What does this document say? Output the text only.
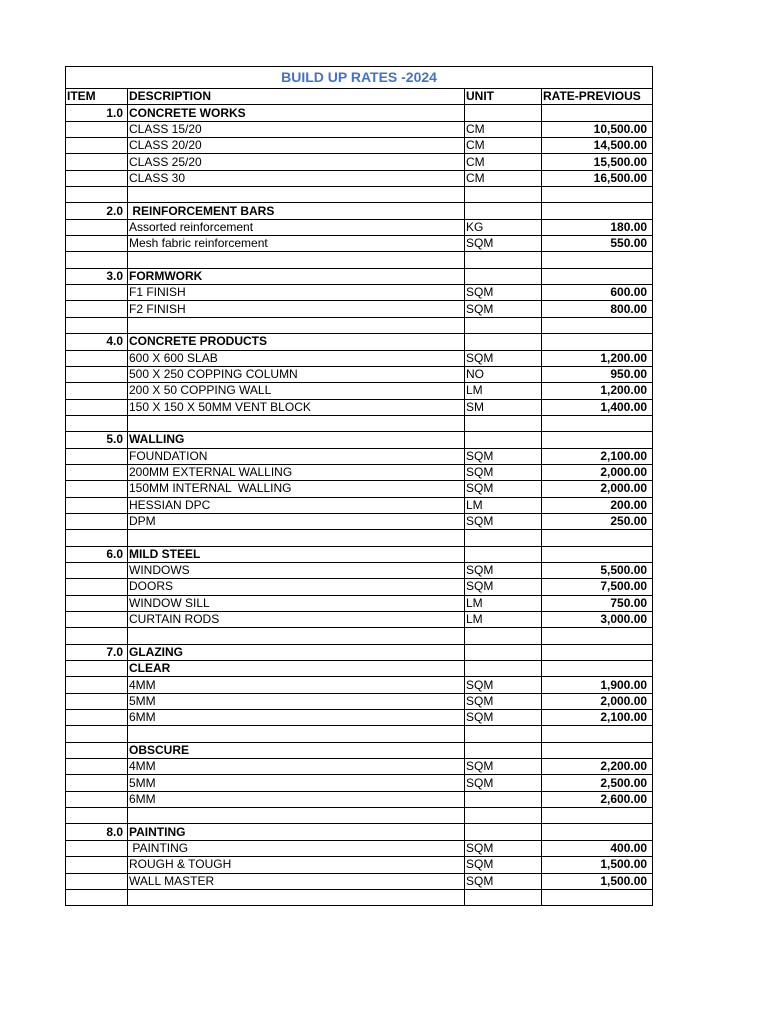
BUILD UP RATES -2024			
ITEM	DESCRIPTION	UNIT	RATE-PREVIOUS
1.0	CONCRETE WORKS		
	CLASS 15/20	CM	10,500.00
	CLASS 20/20	CM	14,500.00
	CLASS 25/20	CM	15,500.00
	CLASS 30	CM	16,500.00

2.0	REINFORCEMENT BARS		
	Assorted reinforcement	KG	180.00
	Mesh fabric reinforcement	SQM	550.00

3.0	FORMWORK		
	F1 FINISH	SQM	600.00
	F2 FINISH	SQM	800.00

4.0	CONCRETE PRODUCTS		
	600 X 600 SLAB	SQM	1,200.00
	500 X 250 COPPING COLUMN	NO	950.00
	200 X 50 COPPING WALL	LM	1,200.00
	150 X 150 X 50MM VENT BLOCK	SM	1,400.00

5.0	WALLING		
	FOUNDATION	SQM	2,100.00
	200MM EXTERNAL WALLING	SQM	2,000.00
	150MM INTERNAL  WALLING	SQM	2,000.00
	HESSIAN DPC	LM	200.00
	DPM	SQM	250.00

6.0	MILD STEEL		
	WINDOWS	SQM	5,500.00
	DOORS	SQM	7,500.00
	WINDOW SILL	LM	750.00
	CURTAIN RODS	LM	3,000.00

7.0	GLAZING		
	CLEAR		
	4MM	SQM	1,900.00
	5MM	SQM	2,000.00
	6MM	SQM	2,100.00

	OBSCURE		
	4MM	SQM	2,200.00
	5MM	SQM	2,500.00
	6MM		2,600.00

8.0	PAINTING		
	PAINTING	SQM	400.00
	ROUGH & TOUGH	SQM	1,500.00
	WALL MASTER	SQM	1,500.00
